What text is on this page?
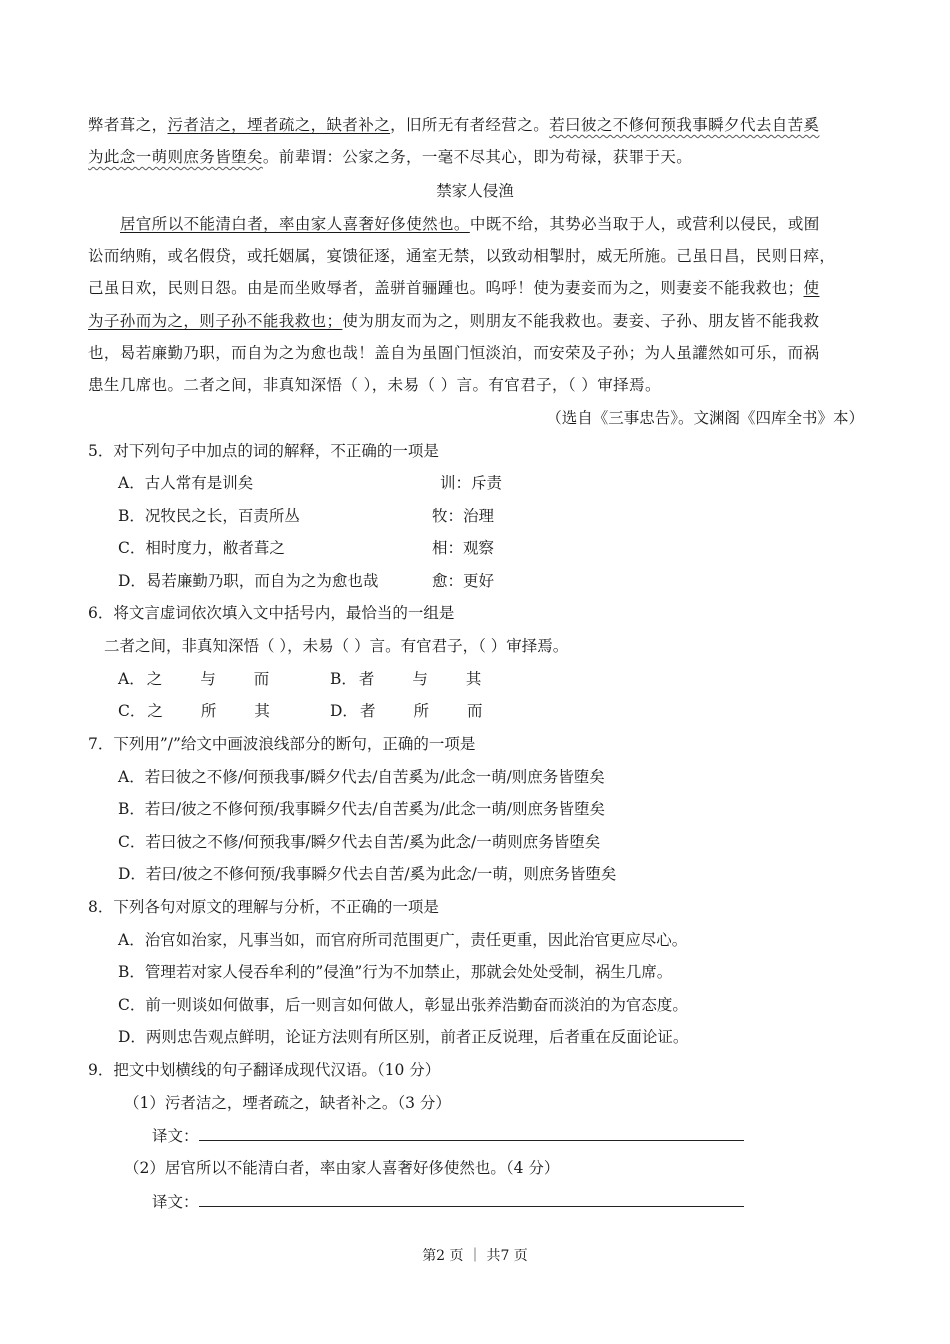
弊者葺之，污者洁之，堙者疏之，缺者补之，旧所无有者经营之。若曰彼之不修何预我事瞬夕代去自苦奚
为此念一萌则庶务皆堕矣。前辈谓：公家之务，一毫不尽其心，即为苟禄，获罪于天。
禁家人侵渔
居官所以不能清白者，率由家人喜奢好侈使然也。中既不给，其势必当取于人，或营利以侵民，或囿
讼而纳贿，或名假贷，或托姻属，宴馈征逐，通室无禁，以致动相掣肘，威无所施。己虽日昌，民则日瘁，
己虽日欢，民则日怨。由是而坐败辱者，盖骈首骊踵也。呜呼！使为妻妾而为之，则妻妾不能我救也；使
为子孙而为之，则子孙不能我救也；使为朋友而为之，则朋友不能我救也。妻妾、子孙、朋友皆不能我救
也，曷若廉勤乃职，而自为之为愈也哉！盖自为虽圄门恒淡泊，而安荣及子孙；为人虽讙然如可乐，而祸
患生几席也。二者之间，非真知深悟（ ），未易（ ）言。有官君子，（ ）审择焉。
（选自《三事忠告》。文渊阁《四库全书》本）
5．对下列句子中加点的词的解释，不正确的一项是
A．古人常有是训矣	训：斥责
B．况牧民之长，百责所丛	牧：治理
C．相时度力，敝者葺之	相：观察
D．曷若廉勤乃职，而自为之为愈也哉	愈：更好
6．将文言虚词依次填入文中括号内，最恰当的一组是
二者之间，非真知深悟（ ），未易（ ）言。有官君子，（ ）审择焉。
A． 之 与 而	B． 者 与 其
C． 之 所 其	D． 者 所 而
7．下列用”/”给文中画波浪线部分的断句，正确的一项是
A．若曰彼之不修/何预我事/瞬夕代去/自苦奚为/此念一萌/则庶务皆堕矣
B．若曰/彼之不修何预/我事瞬夕代去/自苦奚为/此念一萌/则庶务皆堕矣
C．若曰彼之不修/何预我事/瞬夕代去自苦/奚为此念/一萌则庶务皆堕矣
D．若曰/彼之不修何预/我事瞬夕代去自苦/奚为此念/一萌，则庶务皆堕矣
8．下列各句对原文的理解与分析，不正确的一项是
A．治官如治家，凡事当如，而官府所司范围更广，责任更重，因此治官更应尽心。
B．管理若对家人侵吞牟利的”侵渔”行为不加禁止，那就会处处受制，祸生几席。
C．前一则谈如何做事，后一则言如何做人，彰显出张养浩勤奋而淡泊的为官态度。
D．两则忠告观点鲜明，论证方法则有所区别，前者正反说理，后者重在反面论证。
9．把文中划横线的句子翻译成现代汉语。（10 分）
（1）污者洁之，堙者疏之，缺者补之。（3 分）
译文：
（2）居官所以不能清白者，率由家人喜奢好侈使然也。（4 分）
译文：
第2 页 ｜ 共7 页
